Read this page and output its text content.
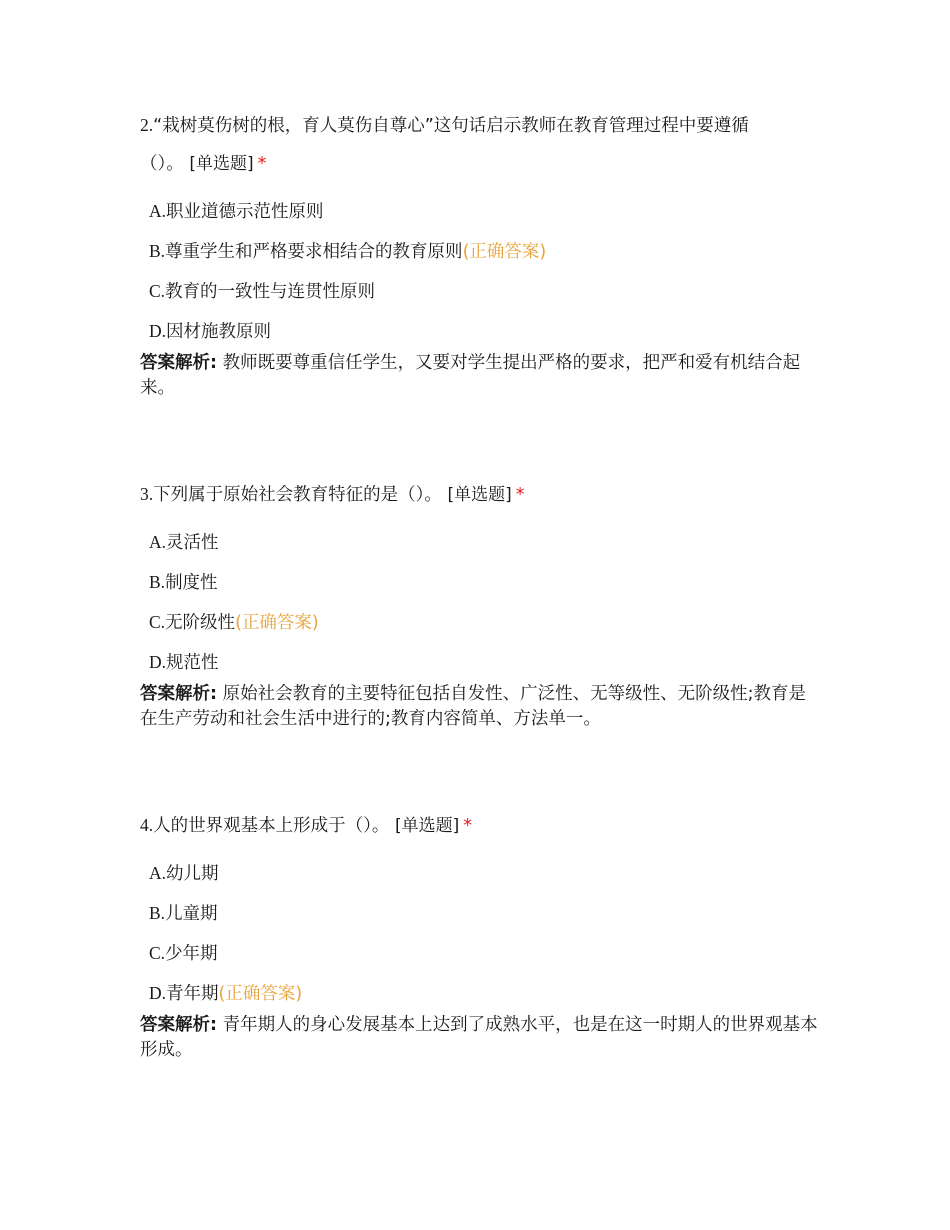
2.“栽树莫伤树的根，育人莫伤自尊心”这句话启示教师在教育管理过程中要遵循
（）。 [单选题] *
A.职业道德示范性原则
B.尊重学生和严格要求相结合的教育原则(正确答案)
C.教育的一致性与连贯性原则
D.因材施教原则
答案解析: 教师既要尊重信任学生，又要对学生提出严格的要求，把严和爱有机结合起来。
3.下列属于原始社会教育特征的是（）。 [单选题] *
A.灵活性
B.制度性
C.无阶级性(正确答案)
D.规范性
答案解析: 原始社会教育的主要特征包括自发性、广泛性、无等级性、无阶级性;教育是在生产劳动和社会生活中进行的;教育内容简单、方法单一。
4.人的世界观基本上形成于（）。 [单选题] *
A.幼儿期
B.儿童期
C.少年期
D.青年期(正确答案)
答案解析: 青年期人的身心发展基本上达到了成熟水平，也是在这一时期人的世界观基本形成。
